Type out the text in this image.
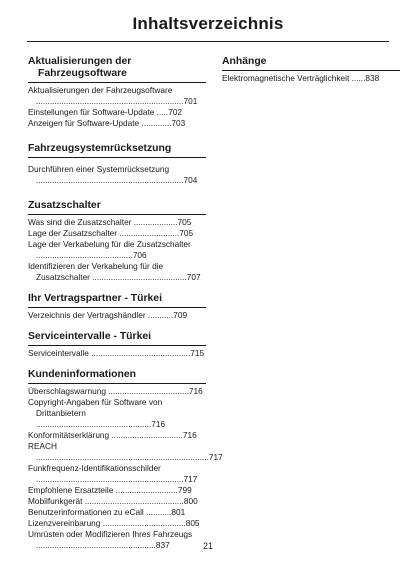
Inhaltsverzeichnis
Aktualisierungen der Fahrzeugsoftware
Aktualisierungen der Fahrzeugsoftware ................................................................701
Einstellungen für Software-Update .....702
Anzeigen für Software-Update .............703
Fahrzeugsystemrücksetzung
Durchführen einer Systemrücksetzung ................................................................704
Zusatzschalter
Was sind die Zusatzschalter ...................705
Lage der Zusatzschalter ..........................705
Lage der Verkabelung für die Zusatzschalter ..........................................706
Identifizieren der Verkabelung für die Zusatzschalter .........................................707
Ihr Vertragspartner - Türkei
Verzeichnis der Vertragshändler ...........709
Serviceintervalle - Türkei
Serviceintervalle ...........................................715
Kundeninformationen
Überschlagswarnung ...................................716
Copyright-Angaben für Software von Drittanbietern ..................................................716
Konformitätserklärung ...............................716
REACH ...........................................................................717
Funkfrequenz-Identifikationsschilder ................................................................717
Empfohlene Ersatzteile ...........................799
Mobilfunkgerät ...........................................800
Benutzerinformationen zu eCall ...........801
Lizenzvereinbarung ....................................805
Umrüsten oder Modifizieren Ihres Fahrzeugs ....................................................837
Anhänge
Elektromagnetische Verträglichkeit ......838
21
